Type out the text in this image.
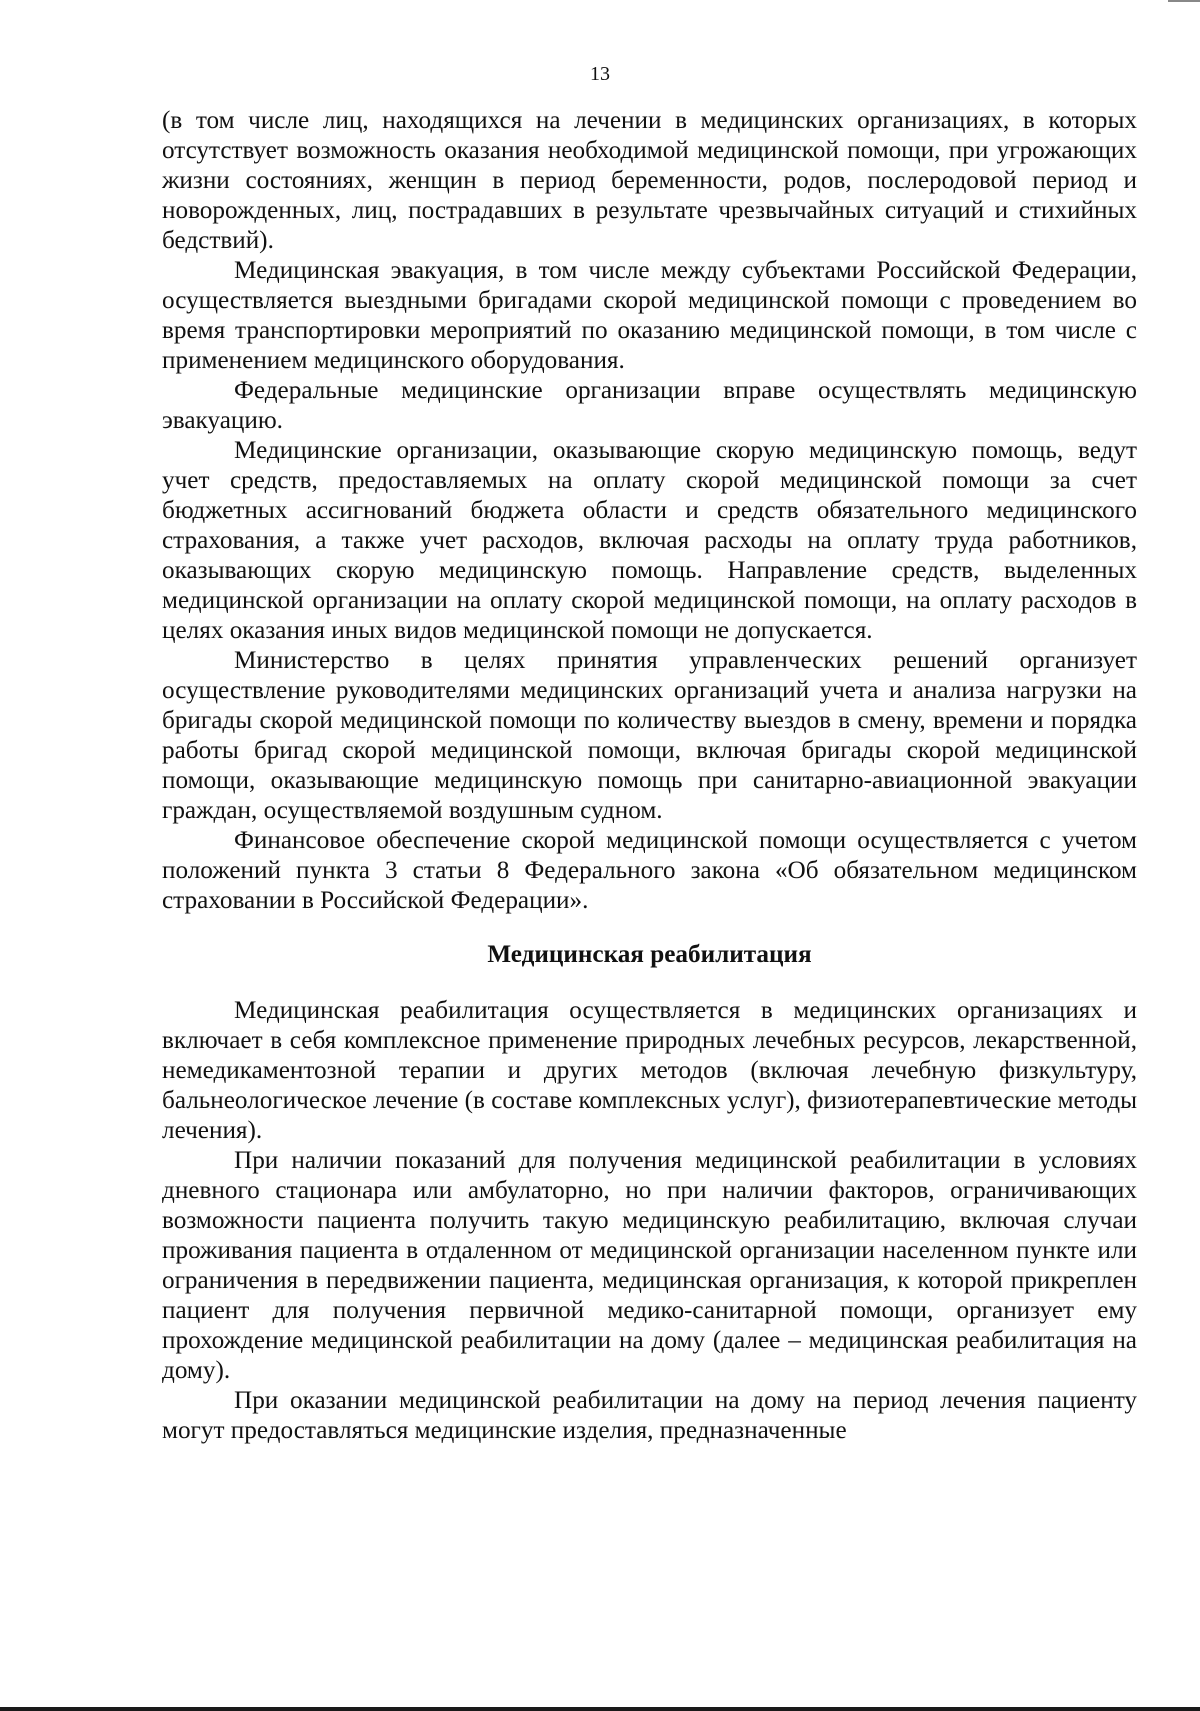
13

(в том числе лиц, находящихся на лечении в медицинских организациях, в которых отсутствует возможность оказания необходимой медицинской помощи, при угрожающих жизни состояниях, женщин в период беременности, родов, послеродовой период и новорожденных, лиц, пострадавших в результате чрезвычайных ситуаций и стихийных бедствий).

Медицинская эвакуация, в том числе между субъектами Российской Федерации, осуществляется выездными бригадами скорой медицинской помощи с проведением во время транспортировки мероприятий по оказанию медицинской помощи, в том числе с применением медицинского оборудования.

Федеральные медицинские организации вправе осуществлять медицинскую эвакуацию.

Медицинские организации, оказывающие скорую медицинскую помощь, ведут учет средств, предоставляемых на оплату скорой медицинской помощи за счет бюджетных ассигнований бюджета области и средств обязательного медицинского страхования, а также учет расходов, включая расходы на оплату труда работников, оказывающих скорую медицинскую помощь. Направление средств, выделенных медицинской организации на оплату скорой медицинской помощи, на оплату расходов в целях оказания иных видов медицинской помощи не допускается.

Министерство в целях принятия управленческих решений организует осуществление руководителями медицинских организаций учета и анализа нагрузки на бригады скорой медицинской помощи по количеству выездов в смену, времени и порядка работы бригад скорой медицинской помощи, включая бригады скорой медицинской помощи, оказывающие медицинскую помощь при санитарно-авиационной эвакуации граждан, осуществляемой воздушным судном.

Финансовое обеспечение скорой медицинской помощи осуществляется с учетом положений пункта 3 статьи 8 Федерального закона «Об обязательном медицинском страховании в Российской Федерации».

Медицинская реабилитация

Медицинская реабилитация осуществляется в медицинских организациях и включает в себя комплексное применение природных лечебных ресурсов, лекарственной, немедикаментозной терапии и других методов (включая лечебную физкультуру, бальнеологическое лечение (в составе комплексных услуг), физиотерапевтические методы лечения).

При наличии показаний для получения медицинской реабилитации в условиях дневного стационара или амбулаторно, но при наличии факторов, ограничивающих возможности пациента получить такую медицинскую реабилитацию, включая случаи проживания пациента в отдаленном от медицинской организации населенном пункте или ограничения в передвижении пациента, медицинская организация, к которой прикреплен пациент для получения первичной медико-санитарной помощи, организует ему прохождение медицинской реабилитации на дому (далее – медицинская реабилитация на дому).

При оказании медицинской реабилитации на дому на период лечения пациенту могут предоставляться медицинские изделия, предназначенные
